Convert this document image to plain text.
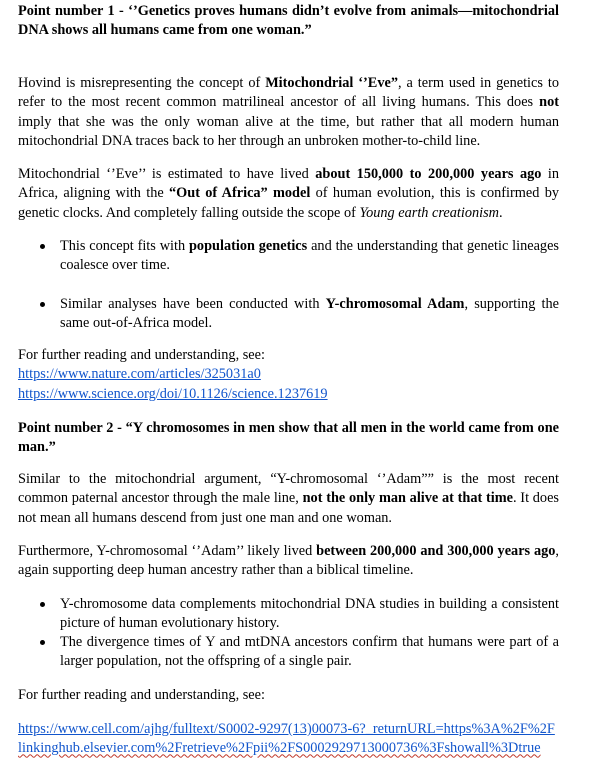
Point number 1 - ‘’Genetics proves humans didn’t evolve from animals—mitochondrial DNA shows all humans came from one woman.”

Hovind is misrepresenting the concept of Mitochondrial ‘’Eve”, a term used in genetics to refer to the most recent common matrilineal ancestor of all living humans. This does not imply that she was the only woman alive at the time, but rather that all modern human mitochondrial DNA traces back to her through an unbroken mother-to-child line.

Mitochondrial ‘’Eve’’ is estimated to have lived about 150,000 to 200,000 years ago in Africa, aligning with the “Out of Africa” model of human evolution, this is confirmed by genetic clocks. And completely falling outside the scope of Young earth creationism.

This concept fits with population genetics and the understanding that genetic lineages coalesce over time.

Similar analyses have been conducted with Y-chromosomal Adam, supporting the same out-of-Africa model.

For further reading and understanding, see:
https://www.nature.com/articles/325031a0
https://www.science.org/doi/10.1126/science.1237619

Point number 2 - “Y chromosomes in men show that all men in the world came from one man.”

Similar to the mitochondrial argument, “Y-chromosomal ‘’Adam”” is the most recent common paternal ancestor through the male line, not the only man alive at that time. It does not mean all humans descend from just one man and one woman.

Furthermore, Y-chromosomal ‘’Adam’’ likely lived between 200,000 and 300,000 years ago, again supporting deep human ancestry rather than a biblical timeline.

Y-chromosome data complements mitochondrial DNA studies in building a consistent picture of human evolutionary history.

The divergence times of Y and mtDNA ancestors confirm that humans were part of a larger population, not the offspring of a single pair.

For further reading and understanding, see:

https://www.cell.com/ajhg/fulltext/S0002-9297(13)00073-6?_returnURL=https%3A%2F%2F
linkinghub.elsevier.com%2Fretrieve%2Fpii%2FS0002929713000736%3Fshowall%3Dtrue
